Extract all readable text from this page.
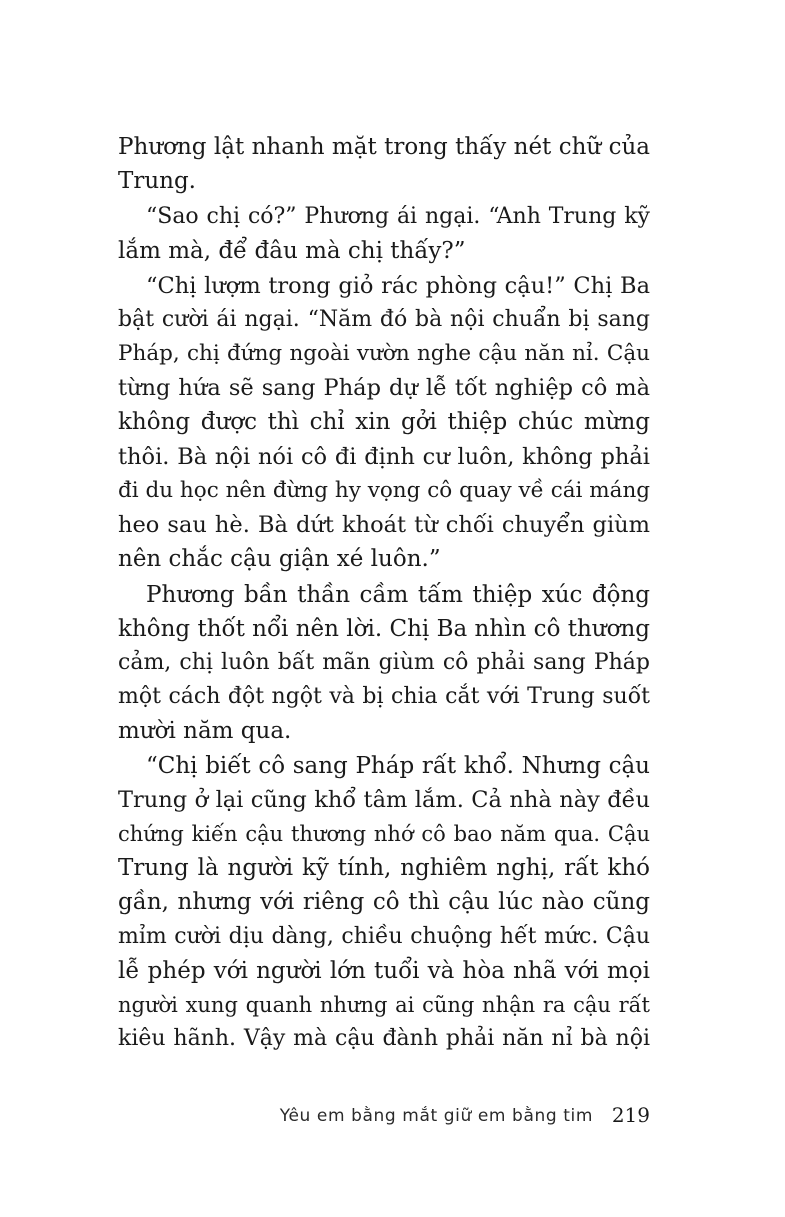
Phương lật nhanh mặt trong thấy nét chữ của
Trung.
“Sao chị có?” Phương ái ngại. “Anh Trung kỹ
lắm mà, để đâu mà chị thấy?”
“Chị lượm trong giỏ rác phòng cậu!” Chị Ba
bật cười ái ngại. “Năm đó bà nội chuẩn bị sang
Pháp, chị đứng ngoài vườn nghe cậu năn nỉ. Cậu
từng hứa sẽ sang Pháp dự lễ tốt nghiệp cô mà
không được thì chỉ xin gởi thiệp chúc mừng
thôi. Bà nội nói cô đi định cư luôn, không phải
đi du học nên đừng hy vọng cô quay về cái máng
heo sau hè. Bà dứt khoát từ chối chuyển giùm
nên chắc cậu giận xé luôn.”
Phương bần thần cầm tấm thiệp xúc động
không thốt nổi nên lời. Chị Ba nhìn cô thương
cảm, chị luôn bất mãn giùm cô phải sang Pháp
một cách đột ngột và bị chia cắt với Trung suốt
mười năm qua.
“Chị biết cô sang Pháp rất khổ. Nhưng cậu
Trung ở lại cũng khổ tâm lắm. Cả nhà này đều
chứng kiến cậu thương nhớ cô bao năm qua. Cậu
Trung là người kỹ tính, nghiêm nghị, rất khó
gần, nhưng với riêng cô thì cậu lúc nào cũng
mỉm cười dịu dàng, chiều chuộng hết mức. Cậu
lễ phép với người lớn tuổi và hòa nhã với mọi
người xung quanh nhưng ai cũng nhận ra cậu rất
kiêu hãnh. Vậy mà cậu đành phải năn nỉ bà nội
Yêu em bằng mắt giữ em bằng tim 219
